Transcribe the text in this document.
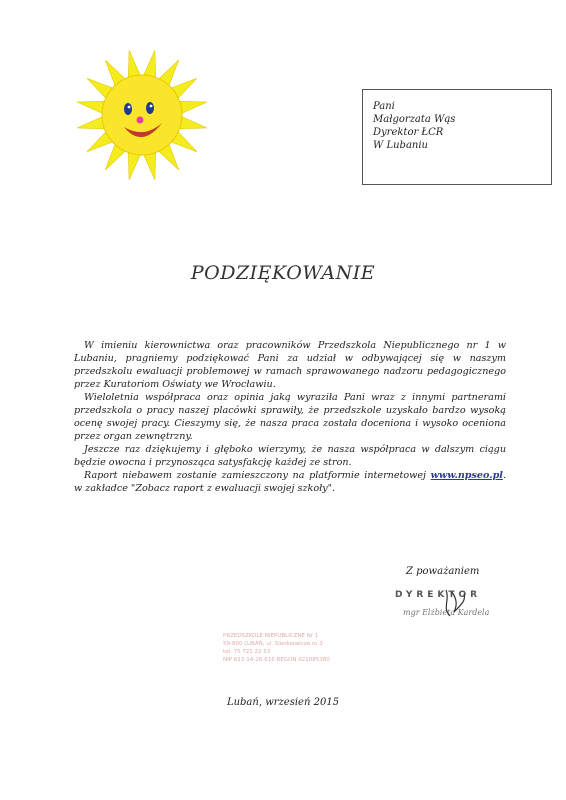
Pani
Małgorzata Wąs
Dyrektor ŁCR
W Lubaniu
PODZIĘKOWANIE

W imieniu kierownictwa oraz pracowników Przedszkola Niepublicznego nr 1 w Lubaniu, pragniemy podziękować Pani za udział w odbywającej się w naszym przedszkolu ewaluacji problemowej w ramach sprawowanego nadzoru pedagogicznego przez Kuratoriom Oświaty we Wrocławiu.

Wieloletnia współpraca oraz opinia jaką wyraziła Pani wraz z innymi partnerami przedszkola o pracy naszej placówki sprawiły, że przedszkole uzyskało bardzo wysoką ocenę swojej pracy. Cieszymy się, że nasza praca została doceniona i wysoko oceniona przez organ zewnętrzny.

Jeszcze raz dziękujemy i głęboko wierzymy, że nasza współpraca w dalszym ciągu będzie owocna i przynosząca satysfakcję każdej ze stron.

Raport niebawem zostanie zamieszczony na platformie internetowej www.npseo.pl. w zakładce "Zobacz raport z ewaluacji swojej szkoły".

Z poważaniem
DYREKTOR
mgr Elżbieta Kardela
PRZEDSZKOLE NIEPUBLICZNE Nr 1
59-800 LUBAŃ, ul. Sienkiewicza nr 3
tel. 75 721 22 53
NIP 613-14-26-616 REGON 021085380
Lubań, wrzesień 2015
